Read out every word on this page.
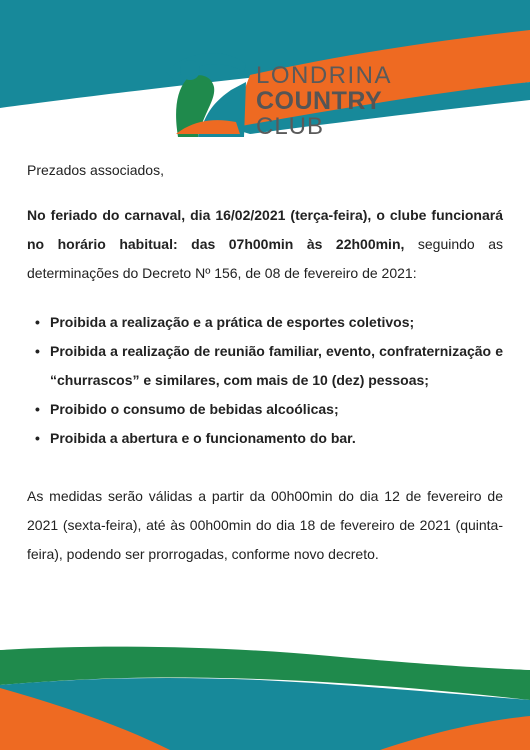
LONDRINA
COUNTRY
CLUB

Prezados associados,

No feriado do carnaval, dia 16/02/2021 (terça-feira), o clube funcionará no horário habitual: das 07h00min às 22h00min, seguindo as determinações do Decreto Nº 156, de 08 de fevereiro de 2021:

• Proibida a realização e a prática de esportes coletivos;
• Proibida a realização de reunião familiar, evento, confraternização e “churrascos” e similares, com mais de 10 (dez) pessoas;
• Proibido o consumo de bebidas alcoólicas;
• Proibida a abertura e o funcionamento do bar.

As medidas serão válidas a partir da 00h00min do dia 12 de fevereiro de 2021 (sexta-feira), até às 00h00min do dia 18 de fevereiro de 2021 (quinta-feira), podendo ser prorrogadas, conforme novo decreto.
